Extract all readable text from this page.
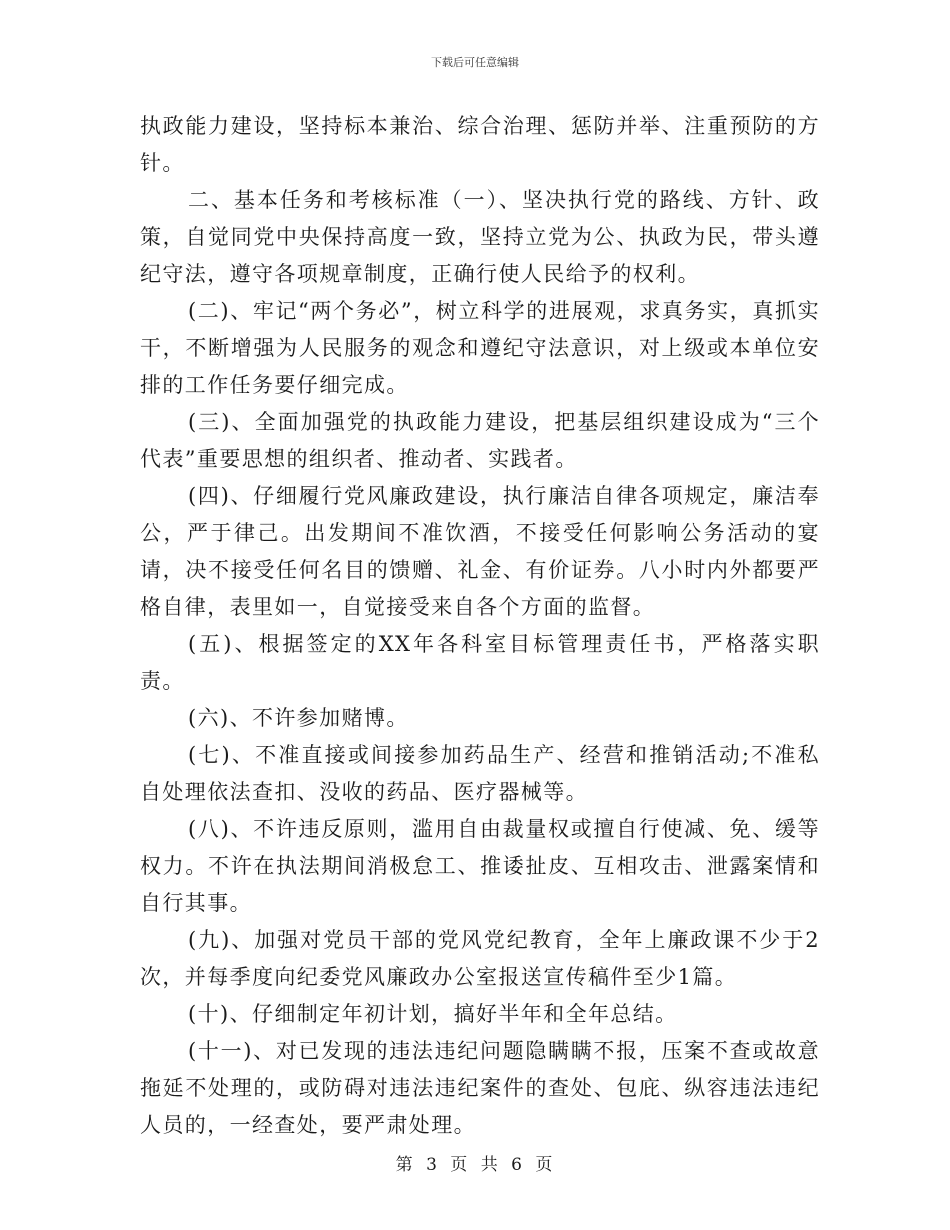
下载后可任意编辑

执政能力建设，坚持标本兼治、综合治理、惩防并举、注重预防的方针。

二、基本任务和考核标准（一）、坚决执行党的路线、方针、政策，自觉同党中央保持高度一致，坚持立党为公、执政为民，带头遵纪守法，遵守各项规章制度，正确行使人民给予的权利。

(二)、牢记“两个务必”，树立科学的进展观，求真务实，真抓实干，不断增强为人民服务的观念和遵纪守法意识，对上级或本单位安排的工作任务要仔细完成。

(三)、全面加强党的执政能力建设，把基层组织建设成为“三个代表”重要思想的组织者、推动者、实践者。

(四)、仔细履行党风廉政建设，执行廉洁自律各项规定，廉洁奉公，严于律己。出发期间不准饮酒，不接受任何影响公务活动的宴请，决不接受任何名目的馈赠、礼金、有价证券。八小时内外都要严格自律，表里如一，自觉接受来自各个方面的监督。

(五)、根据签定的XX年各科室目标管理责任书，严格落实职责。

(六)、不许参加赌博。

(七)、不准直接或间接参加药品生产、经营和推销活动;不准私自处理依法查扣、没收的药品、医疗器械等。

(八)、不许违反原则，滥用自由裁量权或擅自行使减、免、缓等权力。不许在执法期间消极怠工、推诿扯皮、互相攻击、泄露案情和自行其事。

(九)、加强对党员干部的党风党纪教育，全年上廉政课不少于2次，并每季度向纪委党风廉政办公室报送宣传稿件至少1篇。

(十)、仔细制定年初计划，搞好半年和全年总结。

(十一)、对已发现的违法违纪问题隐瞒瞒不报，压案不查或故意拖延不处理的，或防碍对违法违纪案件的查处、包庇、纵容违法违纪人员的，一经查处，要严肃处理。

第 3 页 共 6 页
